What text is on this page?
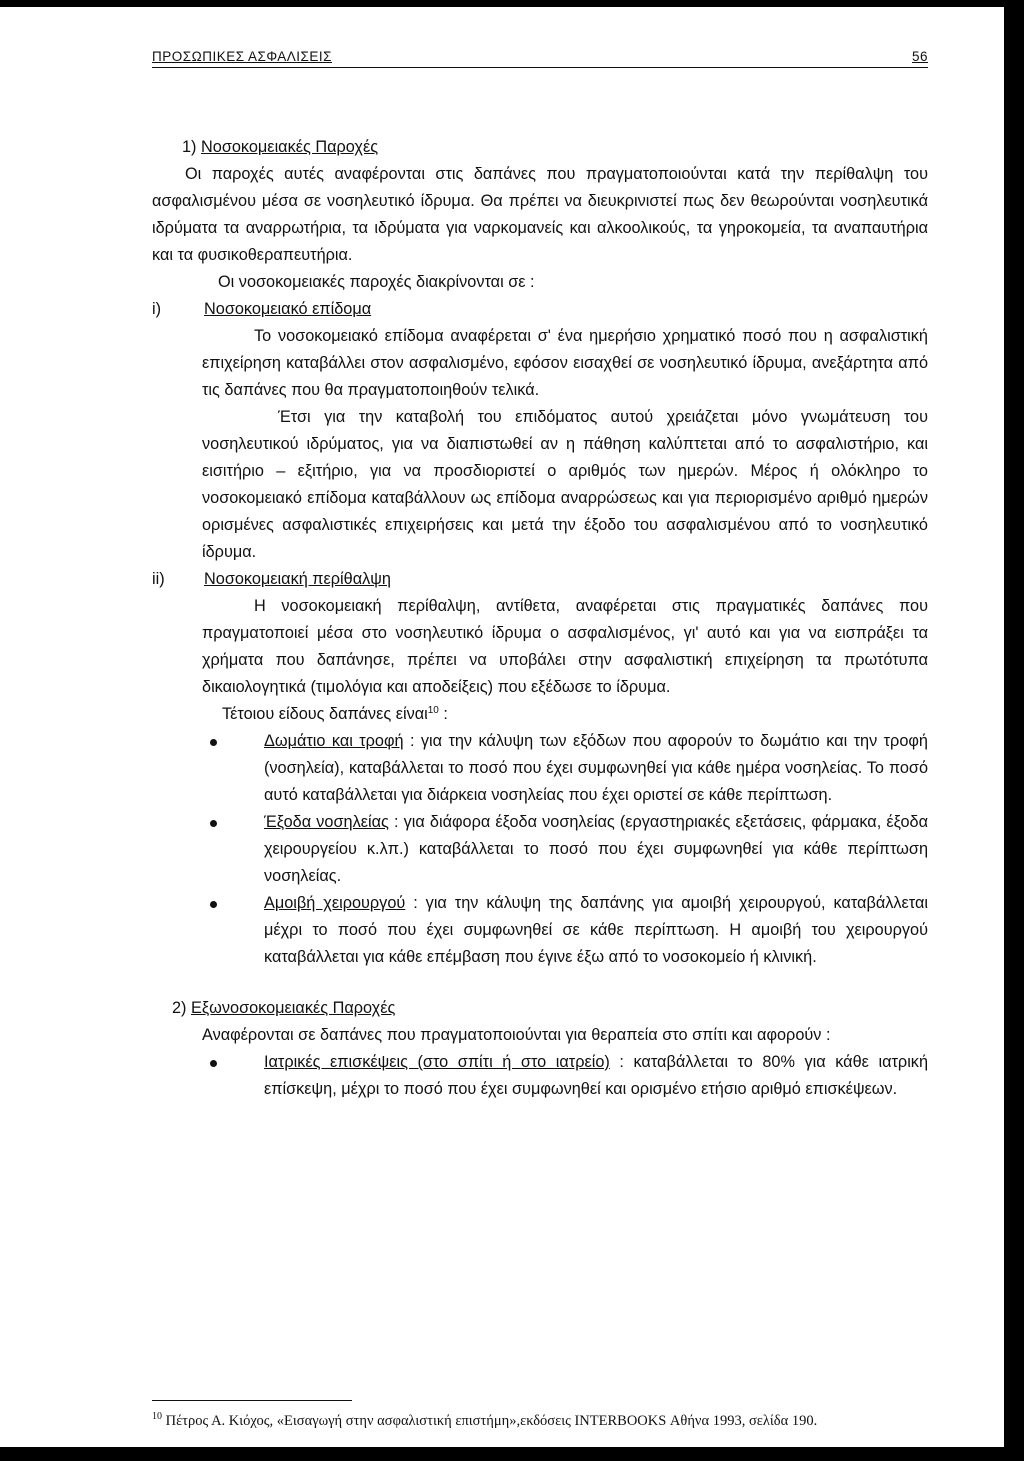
ΠΡΟΣΩΠΙΚΕΣ ΑΣΦΑΛΙΣΕΙΣ	56

1) Νοσοκομειακές Παροχές

Οι παροχές αυτές αναφέρονται στις δαπάνες που πραγματοποιούνται κατά την περίθαλψη του ασφαλισμένου μέσα σε νοσηλευτικό ίδρυμα. Θα πρέπει να διευκρινιστεί πως δεν θεωρούνται νοσηλευτικά ιδρύματα τα αναρρωτήρια, τα ιδρύματα για ναρκομανείς και αλκοολικούς, τα γηροκομεία, τα αναπαυτήρια και τα φυσικοθεραπευτήρια.

Οι νοσοκομειακές παροχές διακρίνονται σε :

i)	Νοσοκομειακό επίδομα

Το νοσοκομειακό επίδομα αναφέρεται σ' ένα ημερήσιο χρηματικό ποσό που η ασφαλιστική επιχείρηση καταβάλλει στον ασφαλισμένο, εφόσον εισαχθεί σε νοσηλευτικό ίδρυμα, ανεξάρτητα από τις δαπάνες που θα πραγματοποιηθούν τελικά.

Έτσι για την καταβολή του επιδόματος αυτού χρειάζεται μόνο γνωμάτευση του νοσηλευτικού ιδρύματος, για να διαπιστωθεί αν η πάθηση καλύπτεται από το ασφαλιστήριο, και εισιτήριο – εξιτήριο, για να προσδιοριστεί ο αριθμός των ημερών. Μέρος ή ολόκληρο το νοσοκομειακό επίδομα καταβάλλουν ως επίδομα αναρρώσεως και για περιορισμένο αριθμό ημερών ορισμένες ασφαλιστικές επιχειρήσεις και μετά την έξοδο του ασφαλισμένου από το νοσηλευτικό ίδρυμα.

ii)	Νοσοκομειακή περίθαλψη

Η νοσοκομειακή περίθαλψη, αντίθετα, αναφέρεται στις πραγματικές δαπάνες που πραγματοποιεί μέσα στο νοσηλευτικό ίδρυμα ο ασφαλισμένος, γι' αυτό και για να εισπράξει τα χρήματα που δαπάνησε, πρέπει να υποβάλει στην ασφαλιστική επιχείρηση τα πρωτότυπα δικαιολογητικά (τιμολόγια και αποδείξεις) που εξέδωσε το ίδρυμα.

Τέτοιου είδους δαπάνες είναι$^{10}$ :

Δωμάτιο και τροφή : για την κάλυψη των εξόδων που αφορούν το δωμάτιο και την τροφή (νοσηλεία), καταβάλλεται το ποσό που έχει συμφωνηθεί για κάθε ημέρα νοσηλείας. Το ποσό αυτό καταβάλλεται για διάρκεια νοσηλείας που έχει οριστεί σε κάθε περίπτωση.
Έξοδα νοσηλείας : για διάφορα έξοδα νοσηλείας (εργαστηριακές εξετάσεις, φάρμακα, έξοδα χειρουργείου κ.λπ.) καταβάλλεται το ποσό που έχει συμφωνηθεί για κάθε περίπτωση νοσηλείας.
Αμοιβή χειρουργού : για την κάλυψη της δαπάνης για αμοιβή χειρουργού, καταβάλλεται μέχρι το ποσό που έχει συμφωνηθεί σε κάθε περίπτωση. Η αμοιβή του χειρουργού καταβάλλεται για κάθε επέμβαση που έγινε έξω από το νοσοκομείο ή κλινική.

2) Εξωνοσοκομειακές Παροχές

Αναφέρονται σε δαπάνες που πραγματοποιούνται για θεραπεία στο σπίτι και αφορούν :

Ιατρικές επισκέψεις (στο σπίτι ή στο ιατρείο) : καταβάλλεται το 80% για κάθε ιατρική επίσκεψη, μέχρι το ποσό που έχει συμφωνηθεί και ορισμένο ετήσιο αριθμό επισκέψεων.
$^{10}$ Πέτρος Α. Κιόχος, «Εισαγωγή στην ασφαλιστική επιστήμη»,εκδόσεις INTERBOOKS Αθήνα 1993, σελίδα 190.
